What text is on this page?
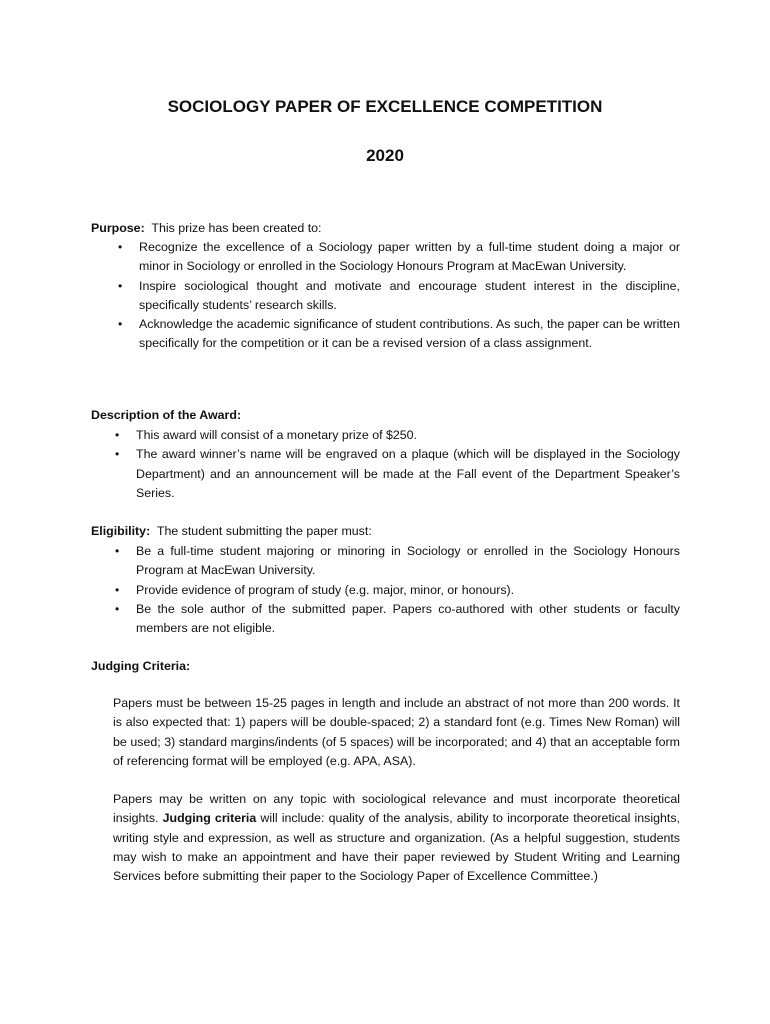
SOCIOLOGY PAPER OF EXCELLENCE COMPETITION
2020

Purpose: This prize has been created to:

• Recognize the excellence of a Sociology paper written by a full-time student doing a major or minor in Sociology or enrolled in the Sociology Honours Program at MacEwan University.
• Inspire sociological thought and motivate and encourage student interest in the discipline, specifically students’ research skills.
• Acknowledge the academic significance of student contributions. As such, the paper can be written specifically for the competition or it can be a revised version of a class assignment.

Description of the Award:

• This award will consist of a monetary prize of $250.
• The award winner’s name will be engraved on a plaque (which will be displayed in the Sociology Department) and an announcement will be made at the Fall event of the Department Speaker’s Series.

Eligibility: The student submitting the paper must:

• Be a full-time student majoring or minoring in Sociology or enrolled in the Sociology Honours Program at MacEwan University.
• Provide evidence of program of study (e.g. major, minor, or honours).
• Be the sole author of the submitted paper. Papers co-authored with other students or faculty members are not eligible.

Judging Criteria:

Papers must be between 15-25 pages in length and include an abstract of not more than 200 words. It is also expected that: 1) papers will be double-spaced; 2) a standard font (e.g. Times New Roman) will be used; 3) standard margins/indents (of 5 spaces) will be incorporated; and 4) that an acceptable form of referencing format will be employed (e.g. APA, ASA).

Papers may be written on any topic with sociological relevance and must incorporate theoretical insights. Judging criteria will include: quality of the analysis, ability to incorporate theoretical insights, writing style and expression, as well as structure and organization. (As a helpful suggestion, students may wish to make an appointment and have their paper reviewed by Student Writing and Learning Services before submitting their paper to the Sociology Paper of Excellence Committee.)
